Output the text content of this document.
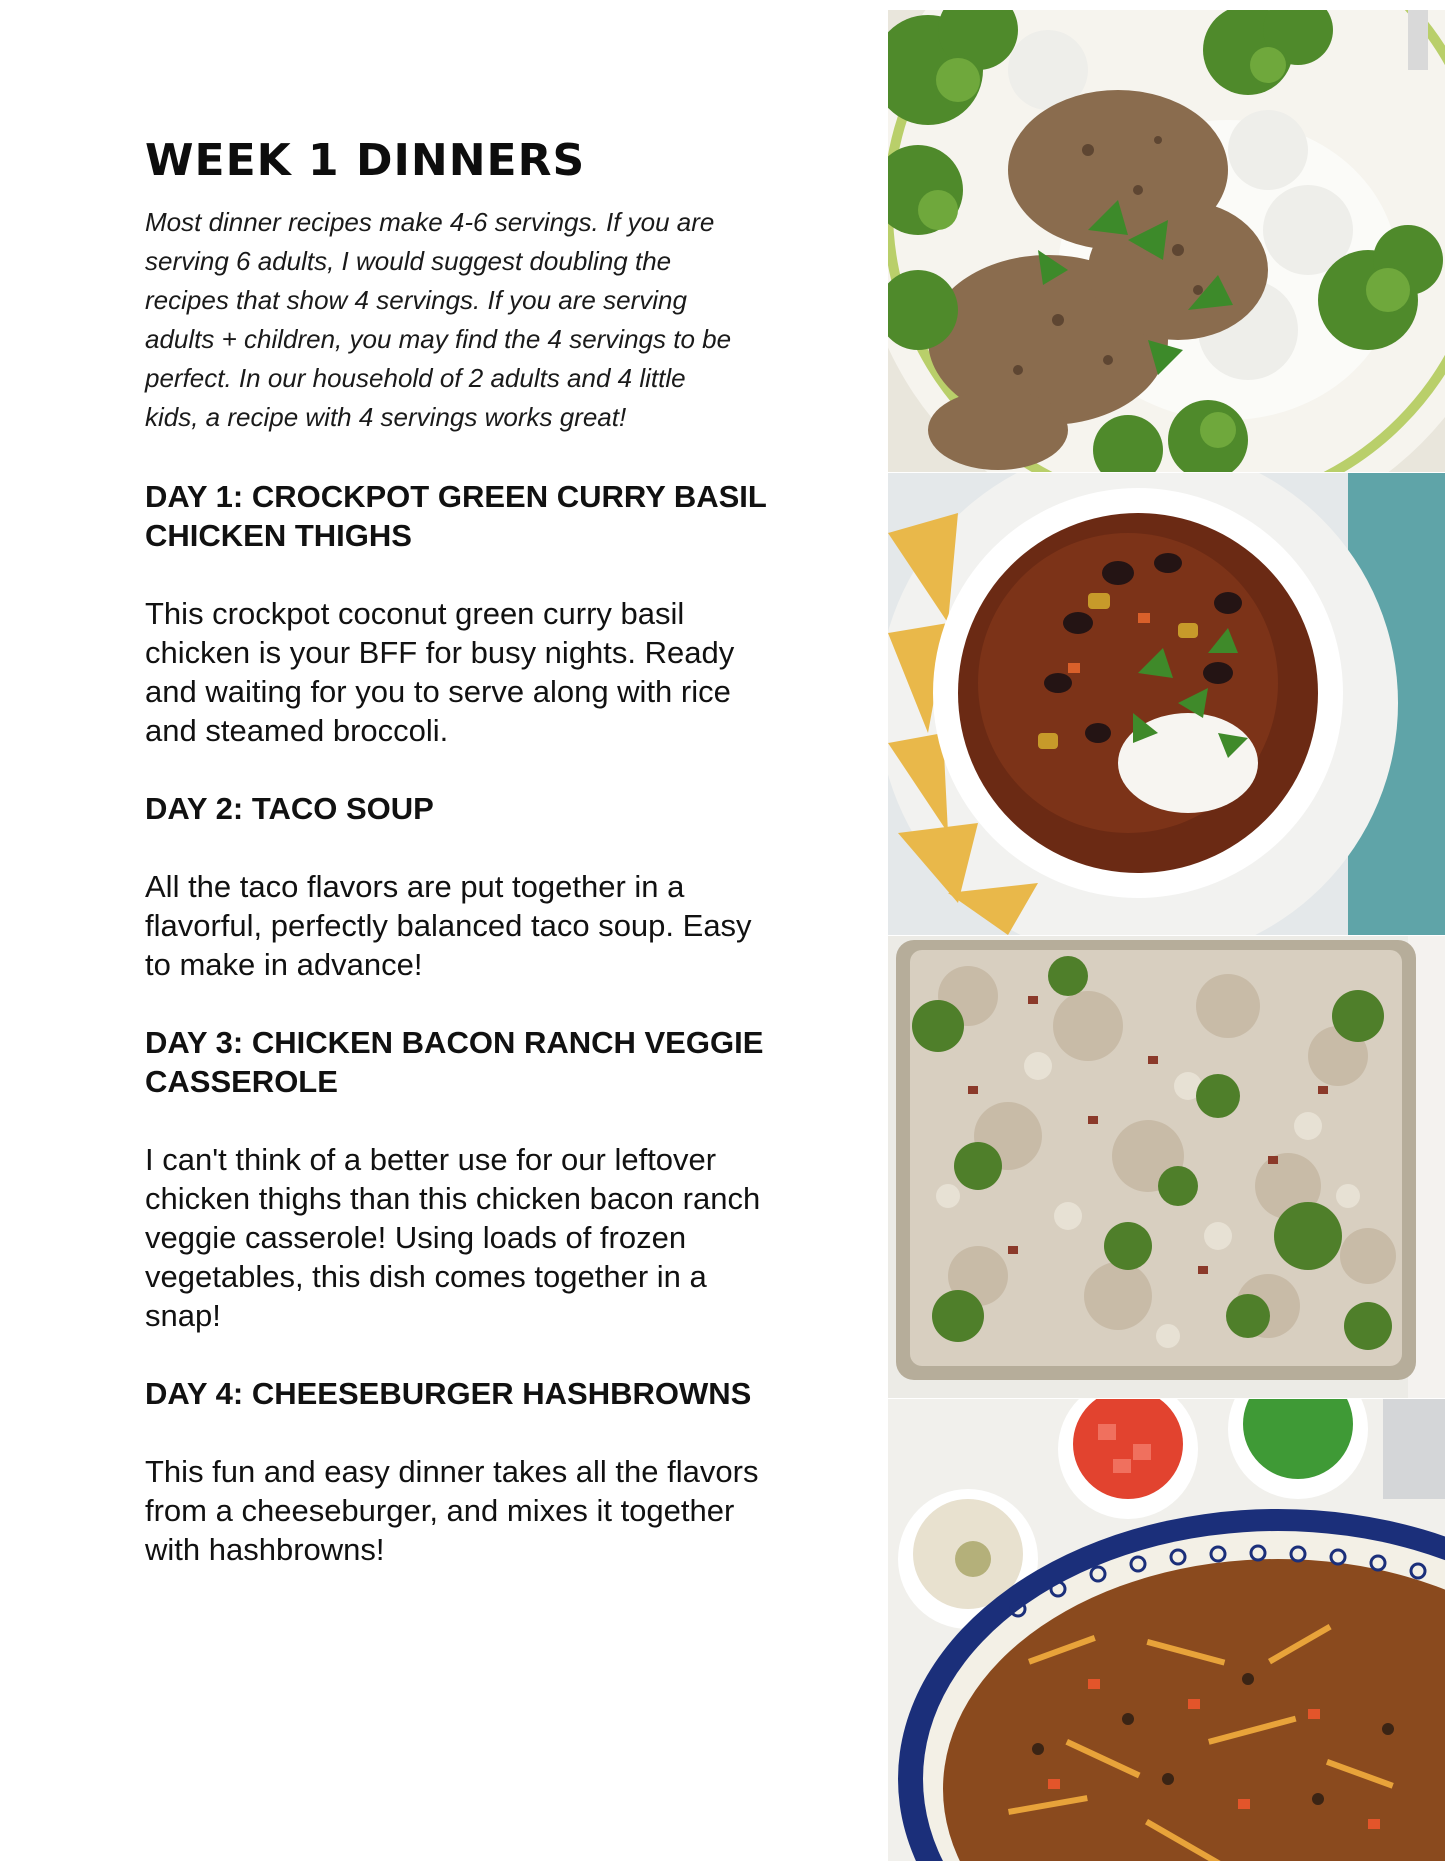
WEEK 1 DINNERS

Most dinner recipes make 4-6 servings. If you are serving 6 adults, I would suggest doubling the recipes that show 4 servings. If you are serving adults + children, you may find the 4 servings to be perfect. In our household of 2 adults and 4 little kids, a recipe with 4 servings works great!

DAY 1: CROCKPOT GREEN CURRY BASIL CHICKEN THIGHS

This crockpot coconut green curry basil chicken is your BFF for busy nights. Ready and waiting for you to serve along with rice and steamed broccoli.

DAY 2: TACO SOUP

All the taco flavors are put together in a flavorful, perfectly balanced taco soup. Easy to make in advance!

DAY 3: CHICKEN BACON RANCH VEGGIE CASSEROLE

I can't think of a better use for our leftover chicken thighs than this chicken bacon ranch veggie casserole! Using loads of frozen vegetables, this dish comes together in a snap!

DAY 4: CHEESEBURGER HASHBROWNS

This fun and easy dinner takes all the flavors from a cheeseburger, and mixes it together with hashbrowns!
